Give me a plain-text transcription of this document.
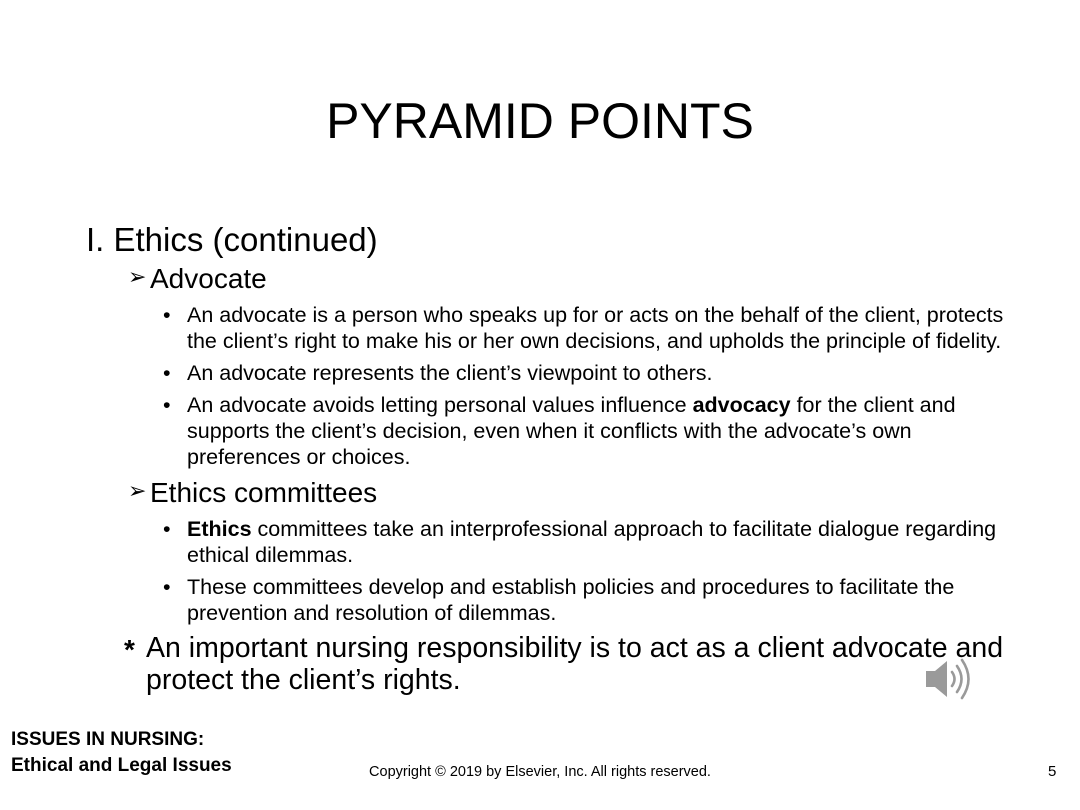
PYRAMID POINTS
I. Ethics (continued)
➢ Advocate
• An advocate is a person who speaks up for or acts on the behalf of the client, protects the client’s right to make his or her own decisions, and upholds the principle of fidelity.
• An advocate represents the client’s viewpoint to others.
• An advocate avoids letting personal values influence advocacy for the client and supports the client’s decision, even when it conflicts with the advocate’s own preferences or choices.
➢ Ethics committees
• Ethics committees take an interprofessional approach to facilitate dialogue regarding ethical dilemmas.
• These committees develop and establish policies and procedures to facilitate the prevention and resolution of dilemmas.
* An important nursing responsibility is to act as a client advocate and protect the client’s rights.
ISSUES IN NURSING:
Ethical and Legal Issues	Copyright © 2019 by Elsevier, Inc. All rights reserved.	5
